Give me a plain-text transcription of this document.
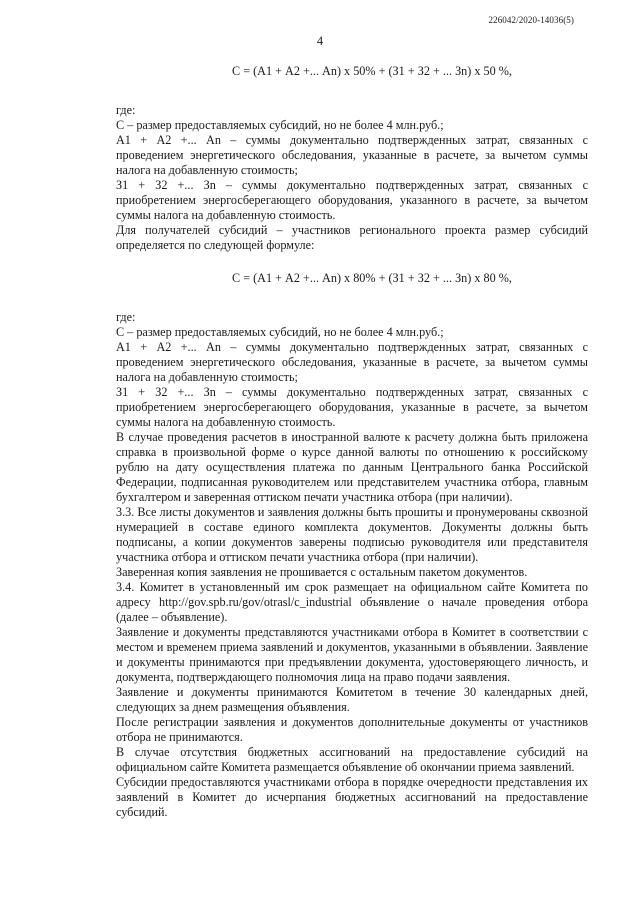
226042/2020-14036(5)
4

С = (А1 + А2 +... Аn) х 50% + (З1 + З2 + ... Зn) х 50 %,

где:

С – размер предоставляемых субсидий, но не более 4 млн.руб.;

А1 + А2 +... Аn – суммы документально подтвержденных затрат, связанных с проведением энергетического обследования, указанные в расчете, за вычетом суммы налога на добавленную стоимость;

З1 + З2 +... Зn – суммы документально подтвержденных затрат, связанных с приобретением энергосберегающего оборудования, указанного в расчете, за вычетом суммы налога на добавленную стоимость.

Для получателей субсидий – участников регионального проекта размер субсидий определяется по следующей формуле:

С = (А1 + А2 +... Аn) х 80% + (З1 + З2 + ... Зn) х 80 %,

где:

С – размер предоставляемых субсидий, но не более 4 млн.руб.;

А1 + А2 +... Аn – суммы документально подтвержденных затрат, связанных с проведением энергетического обследования, указанные в расчете, за вычетом суммы налога на добавленную стоимость;

З1 + З2 +... Зn – суммы документально подтвержденных затрат, связанных с приобретением энергосберегающего оборудования, указанные в расчете, за вычетом суммы налога на добавленную стоимость.

В случае проведения расчетов в иностранной валюте к расчету должна быть приложена справка в произвольной форме о курсе данной валюты по отношению к российскому рублю на дату осуществления платежа по данным Центрального банка Российской Федерации, подписанная руководителем или представителем участника отбора, главным бухгалтером и заверенная оттиском печати участника отбора (при наличии).

3.3. Все листы документов и заявления должны быть прошиты и пронумерованы сквозной нумерацией в составе единого комплекта документов. Документы должны быть подписаны, а копии документов заверены подписью руководителя или представителя участника отбора и оттиском печати участника отбора (при наличии).

Заверенная копия заявления не прошивается с остальным пакетом документов.

3.4. Комитет в установленный им срок размещает на официальном сайте Комитета по адресу http://gov.spb.ru/gov/otrasl/c_industrial объявление о начале проведения отбора (далее – объявление).

Заявление и документы представляются участниками отбора в Комитет в соответствии с местом и временем приема заявлений и документов, указанными в объявлении. Заявление и документы принимаются при предъявлении документа, удостоверяющего личность, и документа, подтверждающего полномочия лица на право подачи заявления.

Заявление и документы принимаются Комитетом в течение 30 календарных дней, следующих за днем размещения объявления.

После регистрации заявления и документов дополнительные документы от участников отбора не принимаются.

В случае отсутствия бюджетных ассигнований на предоставление субсидий на официальном сайте Комитета размещается объявление об окончании приема заявлений.

Субсидии предоставляются участниками отбора в порядке очередности представления их заявлений в Комитет до исчерпания бюджетных ассигнований на предоставление субсидий.
